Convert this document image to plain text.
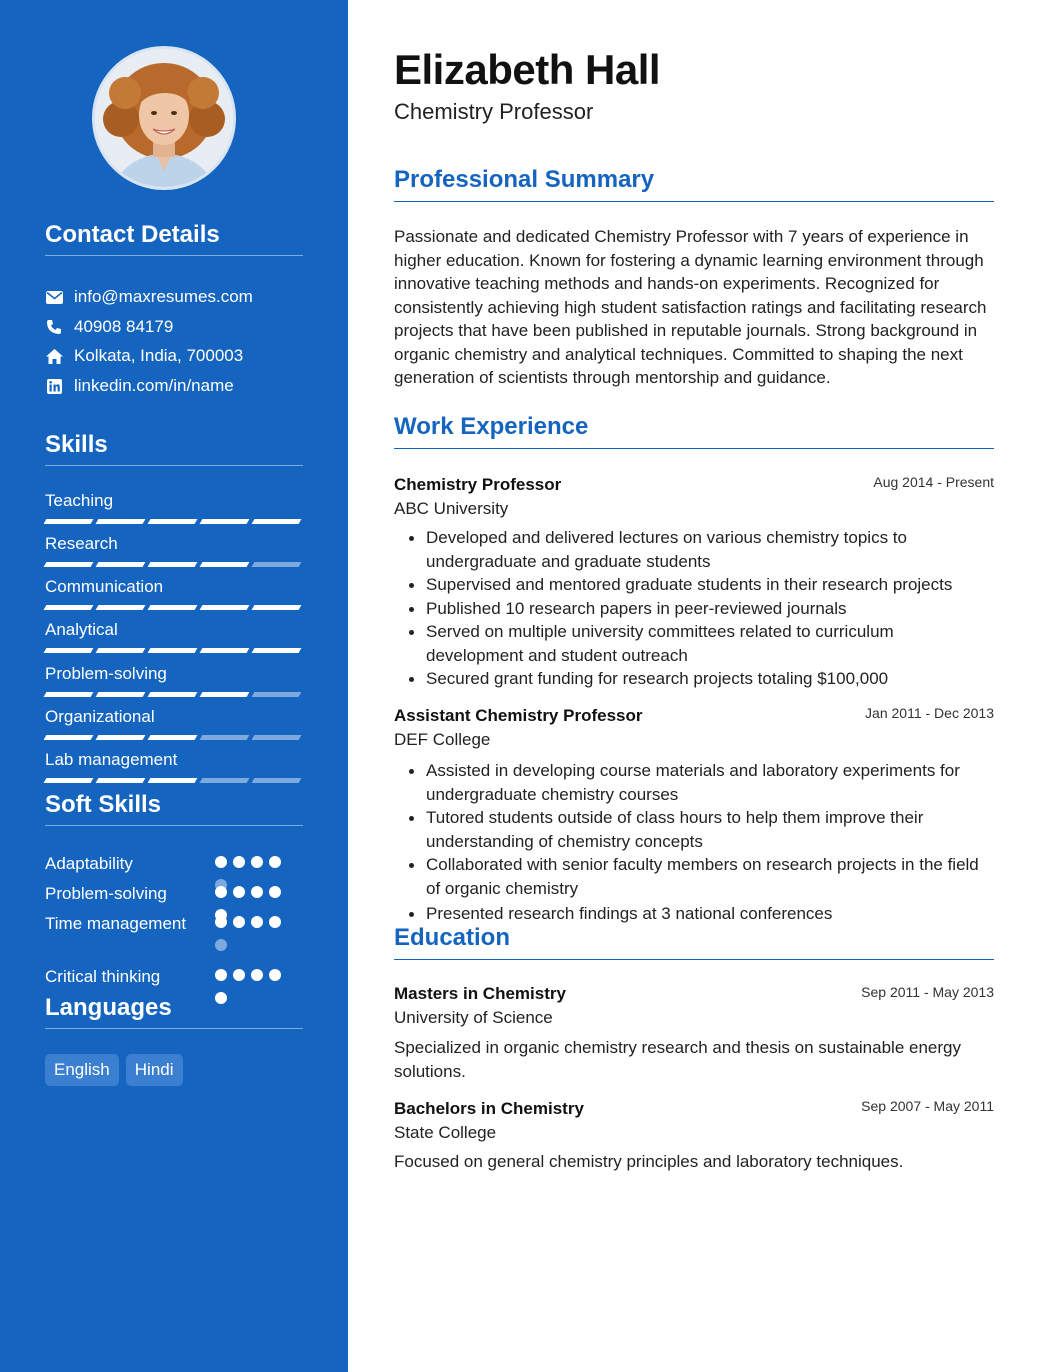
Contact Details
info@maxresumes.com
40908 84179
Kolkata, India, 700003
linkedin.com/in/name
Skills
Teaching
Research
Communication
Analytical
Problem-solving
Organizational
Lab management
Soft Skills
Adaptability
Problem-solving
Time management
Critical thinking
Languages
English	Hindi
Elizabeth Hall
Chemistry Professor
Professional Summary

Passionate and dedicated Chemistry Professor with 7 years of experience in higher education. Known for fostering a dynamic learning environment through innovative teaching methods and hands-on experiments. Recognized for consistently achieving high student satisfaction ratings and facilitating research projects that have been published in reputable journals. Strong background in organic chemistry and analytical techniques. Committed to shaping the next generation of scientists through mentorship and guidance.

Work Experience
Chemistry Professor	Aug 2014 - Present
ABC University
Developed and delivered lectures on various chemistry topics to undergraduate and graduate students
Supervised and mentored graduate students in their research projects
Published 10 research papers in peer-reviewed journals
Served on multiple university committees related to curriculum development and student outreach
Secured grant funding for research projects totaling $100,000
Assistant Chemistry Professor	Jan 2011 - Dec 2013
DEF College
Assisted in developing course materials and laboratory experiments for undergraduate chemistry courses
Tutored students outside of class hours to help them improve their understanding of chemistry concepts
Collaborated with senior faculty members on research projects in the field of organic chemistry
Presented research findings at 3 national conferences
Education
Masters in Chemistry	Sep 2011 - May 2013
University of Science

Specialized in organic chemistry research and thesis on sustainable energy solutions.

Bachelors in Chemistry	Sep 2007 - May 2011
State College

Focused on general chemistry principles and laboratory techniques.
